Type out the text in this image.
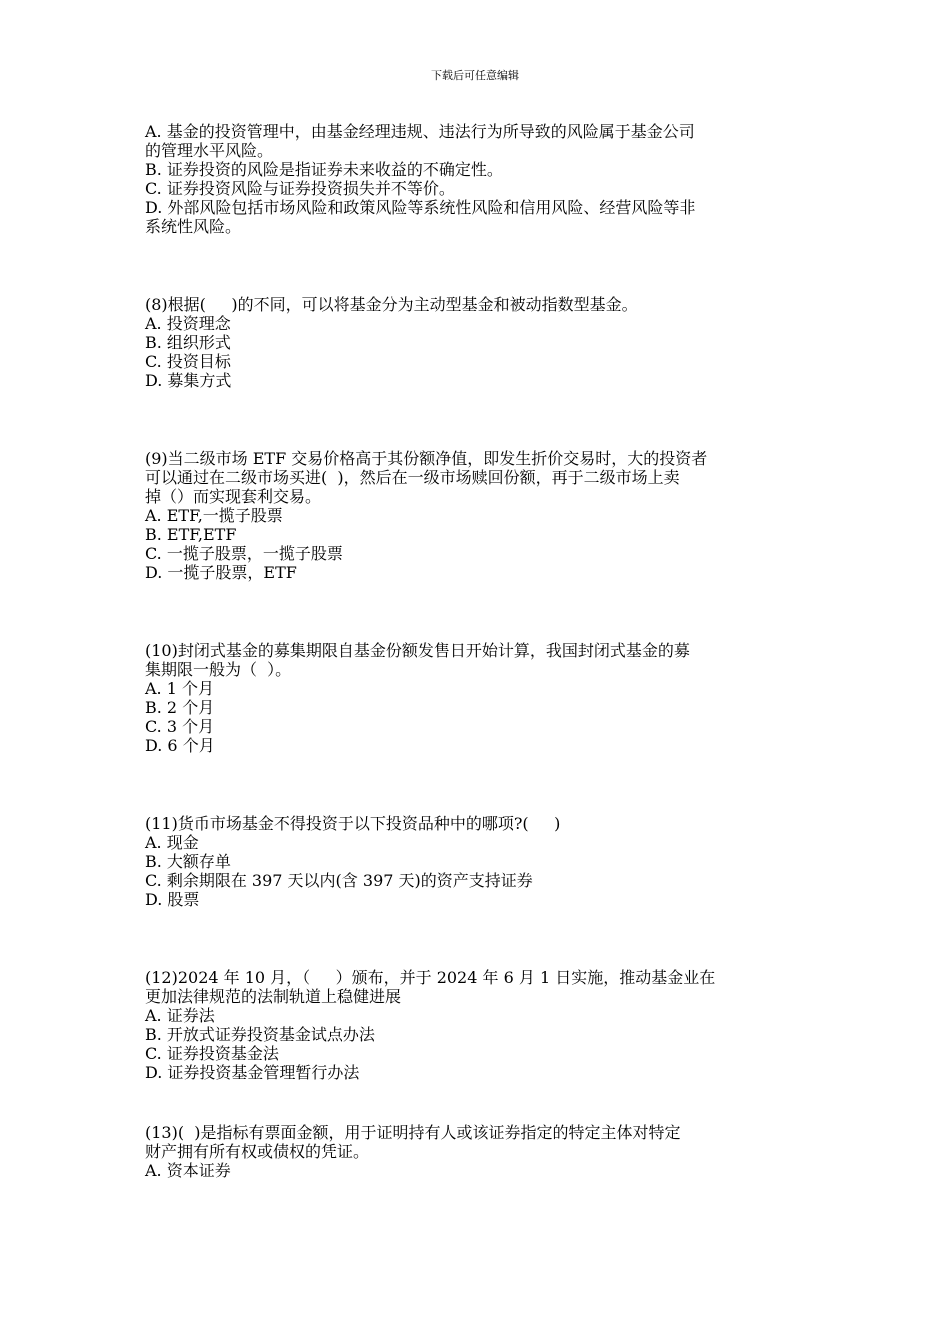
下载后可任意编辑
A. 基金的投资管理中，由基金经理违规、违法行为所导致的风险属于基金公司
的管理水平风险。
B. 证券投资的风险是指证券未来收益的不确定性。
C. 证券投资风险与证券投资损失并不等价。
D. 外部风险包括市场风险和政策风险等系统性风险和信用风险、经营风险等非
系统性风险。
(8)根据(     )的不同，可以将基金分为主动型基金和被动指数型基金。
A. 投资理念
B. 组织形式
C. 投资目标
D. 募集方式
(9)当二级市场 ETF 交易价格高于其份额净值，即发生折价交易时，大的投资者
可以通过在二级市场买进(  )，然后在一级市场赎回份额，再于二级市场上卖
掉（）而实现套利交易。
A. ETF,一揽子股票
B. ETF,ETF
C. 一揽子股票，一揽子股票
D. 一揽子股票，ETF
(10)封闭式基金的募集期限自基金份额发售日开始计算，我国封闭式基金的募
集期限一般为（  ）。
A. 1 个月
B. 2 个月
C. 3 个月
D. 6 个月
(11)货币市场基金不得投资于以下投资品种中的哪项?(     )
A. 现金
B. 大额存单
C. 剩余期限在 397 天以内(含 397 天)的资产支持证券
D. 股票
(12)2024 年 10 月，（     ）颁布，并于 2024 年 6 月 1 日实施，推动基金业在
更加法律规范的法制轨道上稳健进展
A. 证券法
B. 开放式证券投资基金试点办法
C. 证券投资基金法
D. 证券投资基金管理暂行办法
(13)(  )是指标有票面金额，用于证明持有人或该证券指定的特定主体对特定
财产拥有所有权或债权的凭证。
A. 资本证券
